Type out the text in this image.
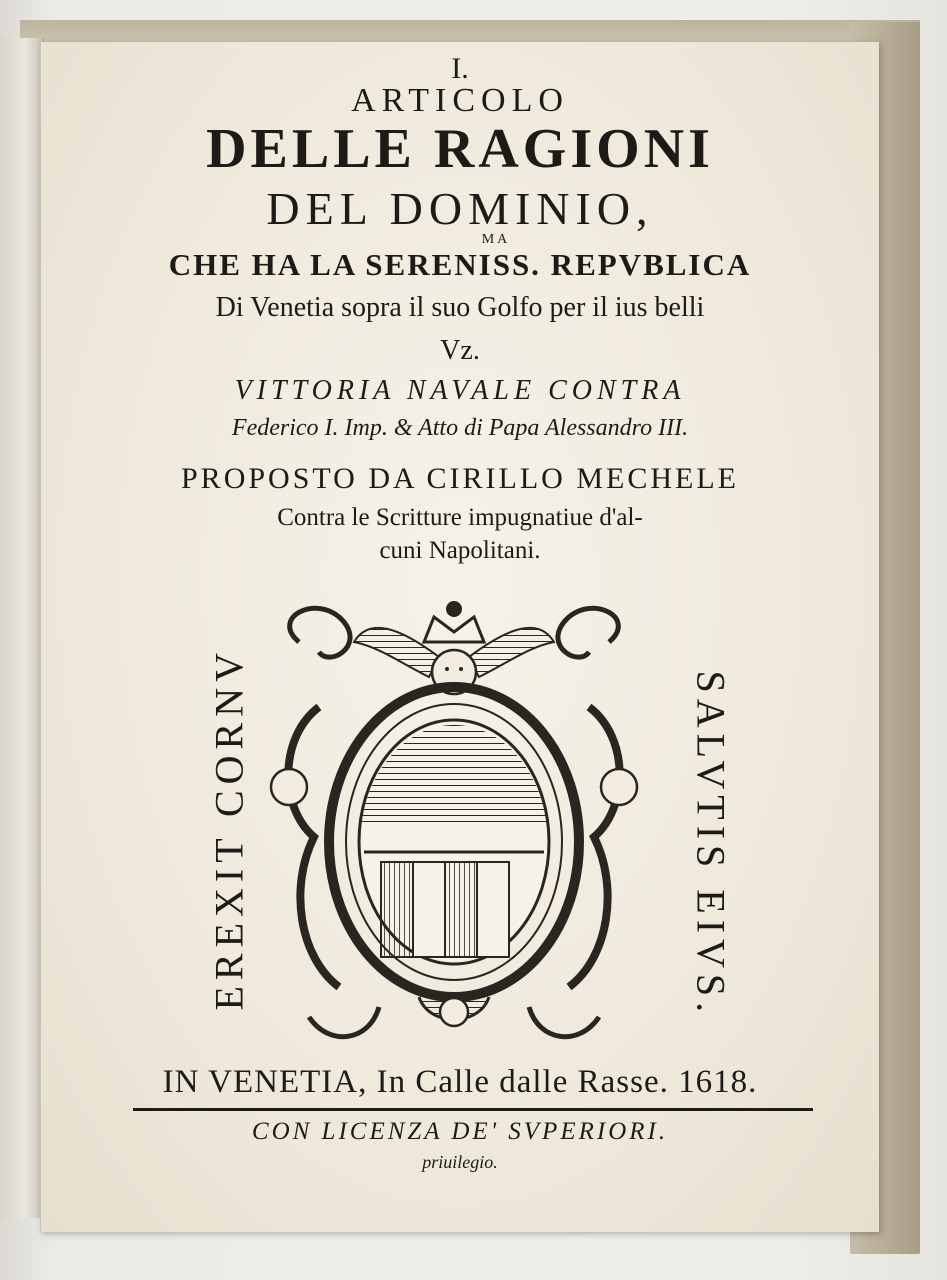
I.
ARTICOLO
DELLE RAGIONI
DEL DOMINIO,
MA
CHE HA LA SERENISS. REPVBLICA
Di Venetia sopra il suo Golfo per il ius belli
Vz.
VITTORIA NAVALE CONTRA
Federico I. Imp. & Atto di Papa Alessandro III.
PROPOSTO DA CIRILLO MECHELE
Contra le Scritture impugnatiue d'al-
cuni Napolitani.
EREXIT CORNV	SALVTIS EIVS.
IN VENETIA, In Calle dalle Rasse. 1618.
CON LICENZA DE' SVPERIORI.
priuilegio.
